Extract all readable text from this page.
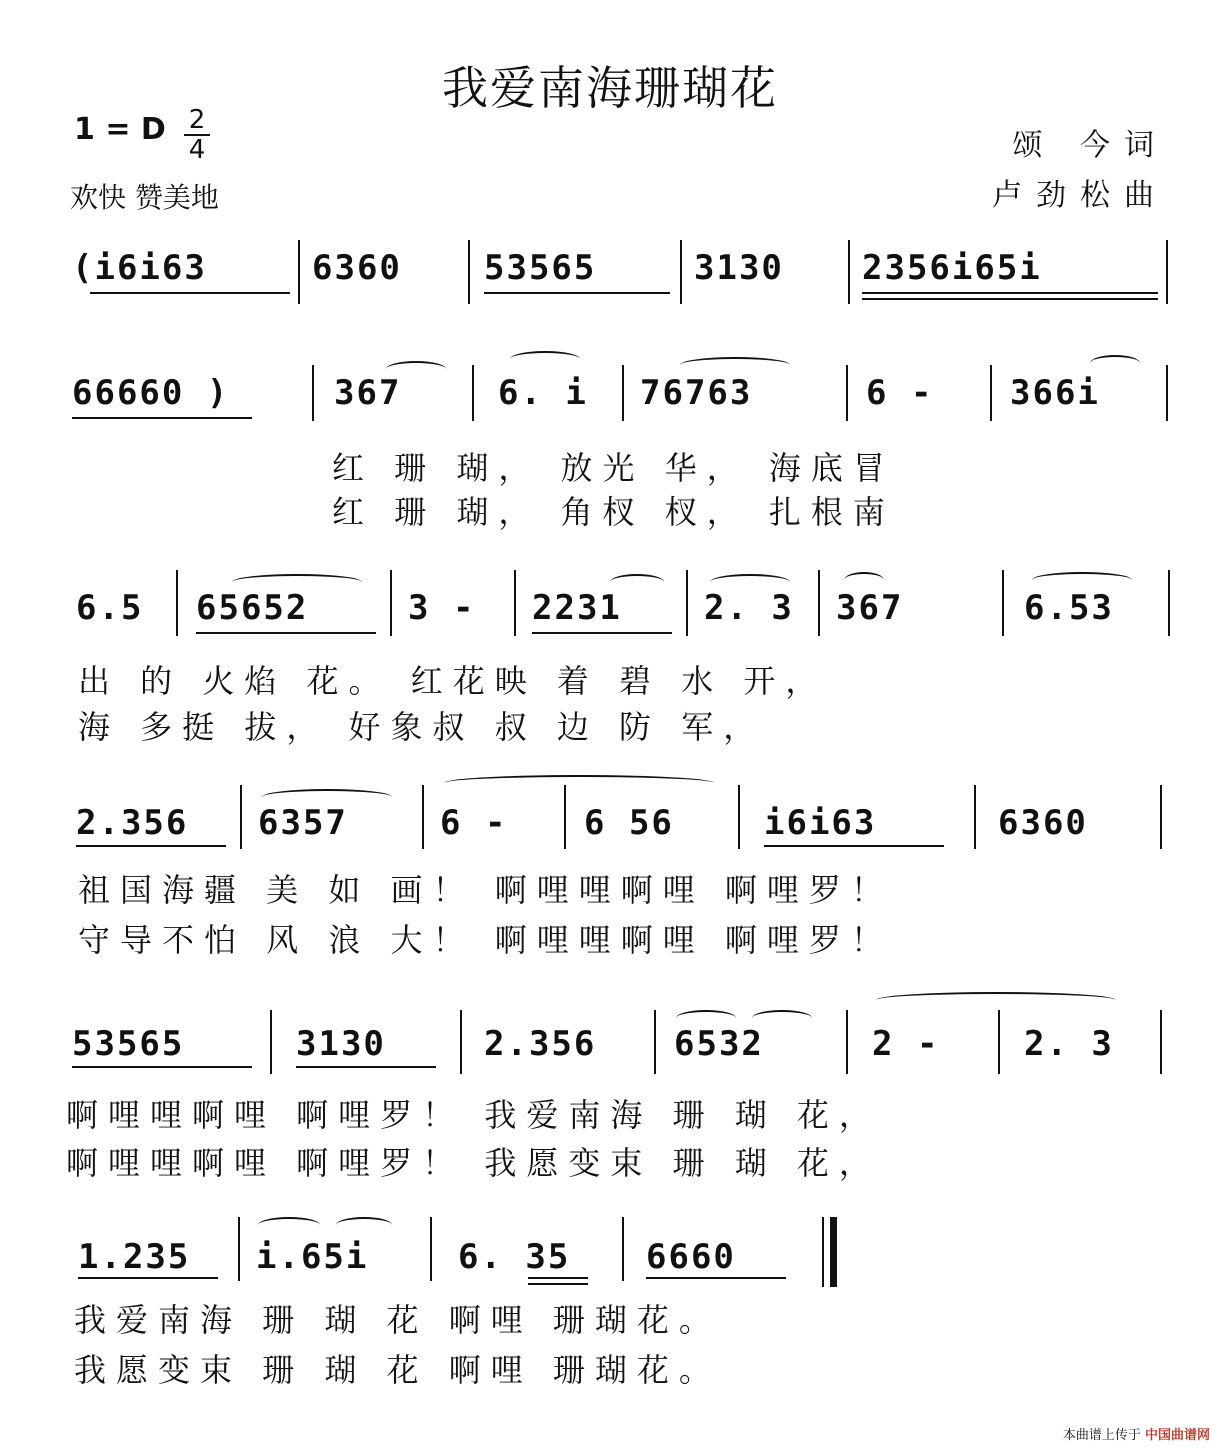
我爱南海珊瑚花
1 = D 2
4
欢快 赞美地
颂 今词
卢劲松曲
(i6i63	6360 53565	3130 2356i65i
66660 )	367	6. i 76763	6 - 366i
红 珊 瑚， 放光 华， 海底冒
红 珊 瑚， 角杈 杈， 扎根南
6.5 65652	3 - 2231 2. 3 367	6.53
出 的 火焰 花。 红花映 着 碧 水 开，
海 多挺 拔， 好象叔 叔 边 防 军，
2.356 6357	6 - 6 56	i6i63	6360
祖国海疆 美 如 画！ 啊哩哩啊哩 啊哩罗！
守导不怕 风 浪 大！ 啊哩哩啊哩 啊哩罗！
53565	3130	2.356 6532	2 - 2. 3
啊哩哩啊哩 啊哩罗！ 我爱南海 珊 瑚 花，
啊哩哩啊哩 啊哩罗！ 我愿变束 珊 瑚 花，
1.235 i.65i	6. 35 6660
我爱南海 珊 瑚 花 啊哩 珊瑚花。
我愿变束 珊 瑚 花 啊哩 珊瑚花。
本曲谱上传于 中国曲谱网
